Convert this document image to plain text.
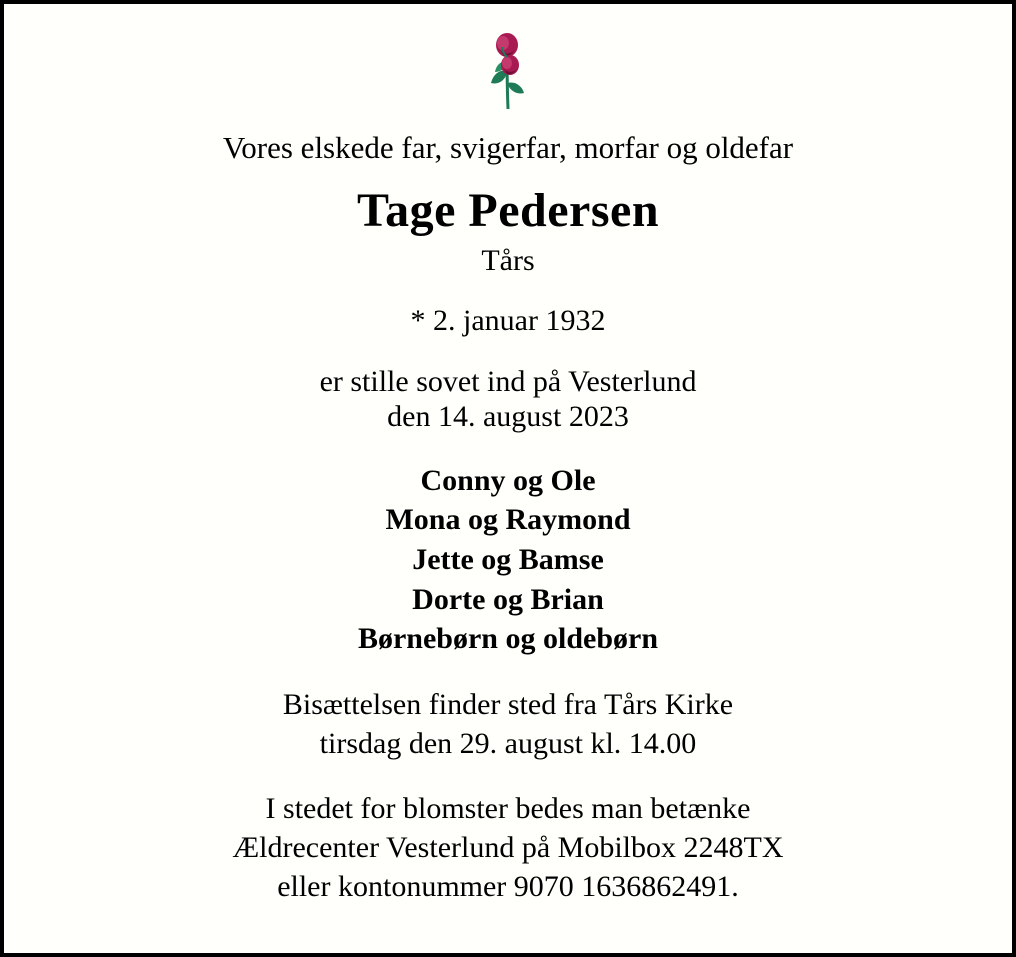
Vores elskede far, svigerfar, morfar og oldefar
Tage Pedersen
Tårs
* 2. januar 1932
er stille sovet ind på Vesterlund
den 14. august 2023
Conny og Ole
Mona og Raymond
Jette og Bamse
Dorte og Brian
Børnebørn og oldebørn
Bisættelsen finder sted fra Tårs Kirke
tirsdag den 29. august kl. 14.00
I stedet for blomster bedes man betænke
Ældrecenter Vesterlund på Mobilbox 2248TX
eller kontonummer 9070 1636862491.
